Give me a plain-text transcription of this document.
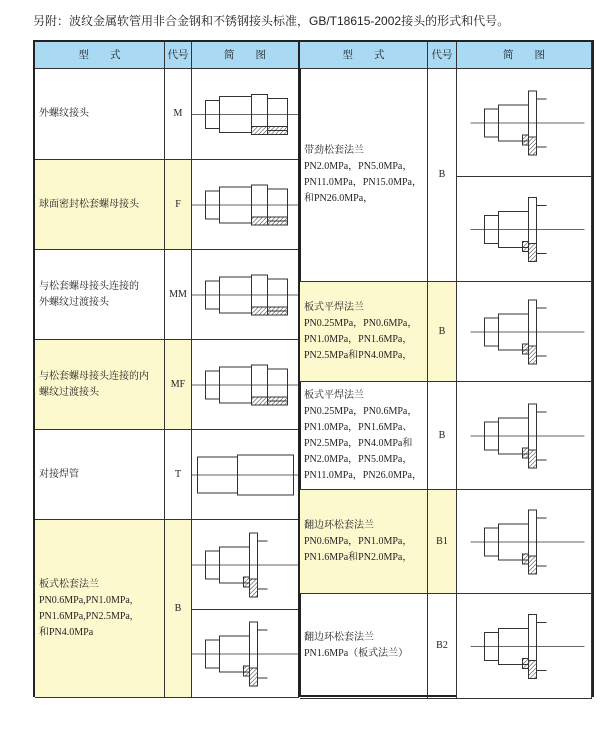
另附：波纹金属软管用非合金钢和不锈钢接头标准，GB/T18615-2002接头的形式和代号。
型　　式	代号	简　　图
外螺纹接头	M
球面密封松套螺母接头	F
与松套螺母接头连接的
外螺纹过渡接头
MM
与松套螺母接头连接的内
螺纹过渡接头
MF
对接焊管	T
板式松套法兰
PN0.6MPa,PN1.0MPa,
PN1.6MPa,PN2.5MPa,
和PN4.0MPa
B
型　　式	代号	简　　图
带劲松套法兰
PN2.0MPa，PN5.0MPa，
PN11.0MPa，PN15.0MPa，
和PN26.0MPa，
B
板式平焊法兰
PN0.25MPa，PN0.6MPa，
PN1.0MPa，PN1.6MPa，
PN2.5MPa和PN4.0MPa，
B
板式平焊法兰
PN0.25MPa，PN0.6MPa，
PN1.0MPa，PN1.6MPa、
PN2.5MPa，PN4.0MPa和
PN2.0MPa，PN5.0MPa，
PN11.0MPa，PN26.0MPa，
B
翻边环松套法兰
PN0.6MPa，PN1.0MPa，
PN1.6MPa和PN2.0MPa，
B1
翻边环松套法兰
PN1.6MPa（板式法兰）
B2
